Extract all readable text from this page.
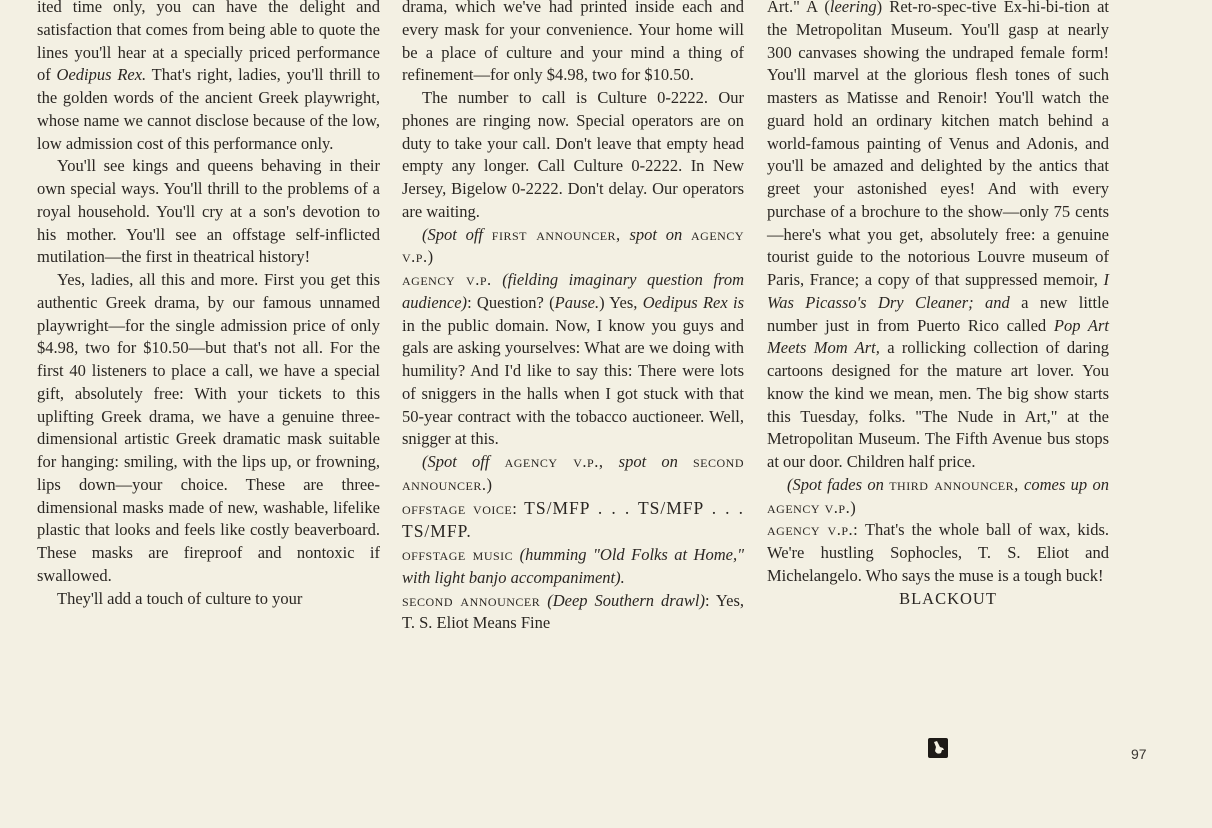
ited time only, you can have the delight and satisfaction that comes from being able to quote the lines you'll hear at a specially priced performance of Oedipus Rex. That's right, ladies, you'll thrill to the golden words of the ancient Greek playwright, whose name we cannot disclose because of the low, low admission cost of this performance only.

You'll see kings and queens behaving in their own special ways. You'll thrill to the problems of a royal household. You'll cry at a son's devotion to his mother. You'll see an offstage self-inflicted mutilation—the first in theatrical history!

Yes, ladies, all this and more. First you get this authentic Greek drama, by our famous unnamed playwright—for the single admission price of only $4.98, two for $10.50—but that's not all. For the first 40 listeners to place a call, we have a special gift, absolutely free: With your tickets to this uplifting Greek drama, we have a genuine three-dimensional artistic Greek dramatic mask suitable for hanging: smiling, with the lips up, or frowning, lips down—your choice. These are three-dimensional masks made of new, washable, lifelike plastic that looks and feels like costly beaverboard. These masks are fireproof and nontoxic if swallowed.

They'll add a touch of culture to your

drama, which we've had printed inside each and every mask for your convenience. Your home will be a place of culture and your mind a thing of refinement—for only $4.98, two for $10.50.

The number to call is Culture 0-2222. Our phones are ringing now. Special operators are on duty to take your call. Don't leave that empty head empty any longer. Call Culture 0-2222. In New Jersey, Bigelow 0-2222. Don't delay. Our operators are waiting.

(Spot off first announcer, spot on agency v.p.)

agency v.p. (fielding imaginary question from audience): Question? (Pause.) Yes, Oedipus Rex is in the public domain. Now, I know you guys and gals are asking yourselves: What are we doing with humility? And I'd like to say this: There were lots of sniggers in the halls when I got stuck with that 50-year contract with the tobacco auctioneer. Well, snigger at this.

(Spot off agency v.p., spot on second announcer.)

offstage voice: TS/MFP . . . TS/MFP . . . TS/MFP.

offstage music (humming "Old Folks at Home," with light banjo accompaniment).

second announcer (Deep Southern drawl): Yes, T. S. Eliot Means Fine

Art." A (leering) Ret-ro-spec-tive Ex-hi-bi-tion at the Metropolitan Museum. You'll gasp at nearly 300 canvases showing the undraped female form! You'll marvel at the glorious flesh tones of such masters as Matisse and Renoir! You'll watch the guard hold an ordinary kitchen match behind a world-famous painting of Venus and Adonis, and you'll be amazed and delighted by the antics that greet your astonished eyes! And with every purchase of a brochure to the show—only 75 cents—here's what you get, absolutely free: a genuine tourist guide to the notorious Louvre museum of Paris, France; a copy of that suppressed memoir, I Was Picasso's Dry Cleaner; and a new little number just in from Puerto Rico called Pop Art Meets Mom Art, a rollicking collection of daring cartoons designed for the mature art lover. You know the kind we mean, men. The big show starts this Tuesday, folks. "The Nude in Art," at the Metropolitan Museum. The Fifth Avenue bus stops at our door. Children half price.

(Spot fades on third announcer, comes up on agency v.p.)

agency v.p.: That's the whole ball of wax, kids. We're hustling Sophocles, T. S. Eliot and Michelangelo. Who says the muse is a tough buck!

BLACKOUT

97
